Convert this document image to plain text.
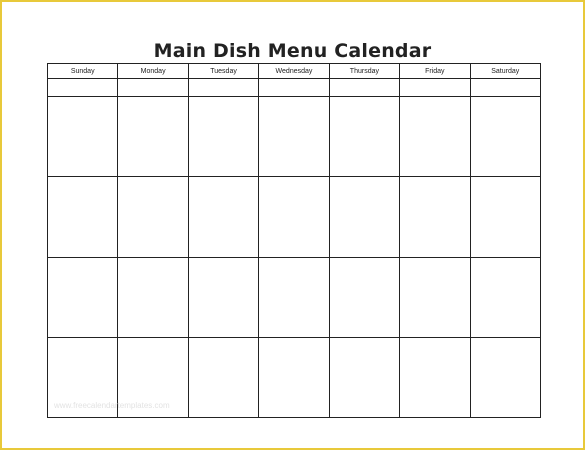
Main Dish Menu Calendar
Sunday	Monday	Tuesday	Wednesday	Thursday	Friday	Saturday

www.freecalendartemplates.com
